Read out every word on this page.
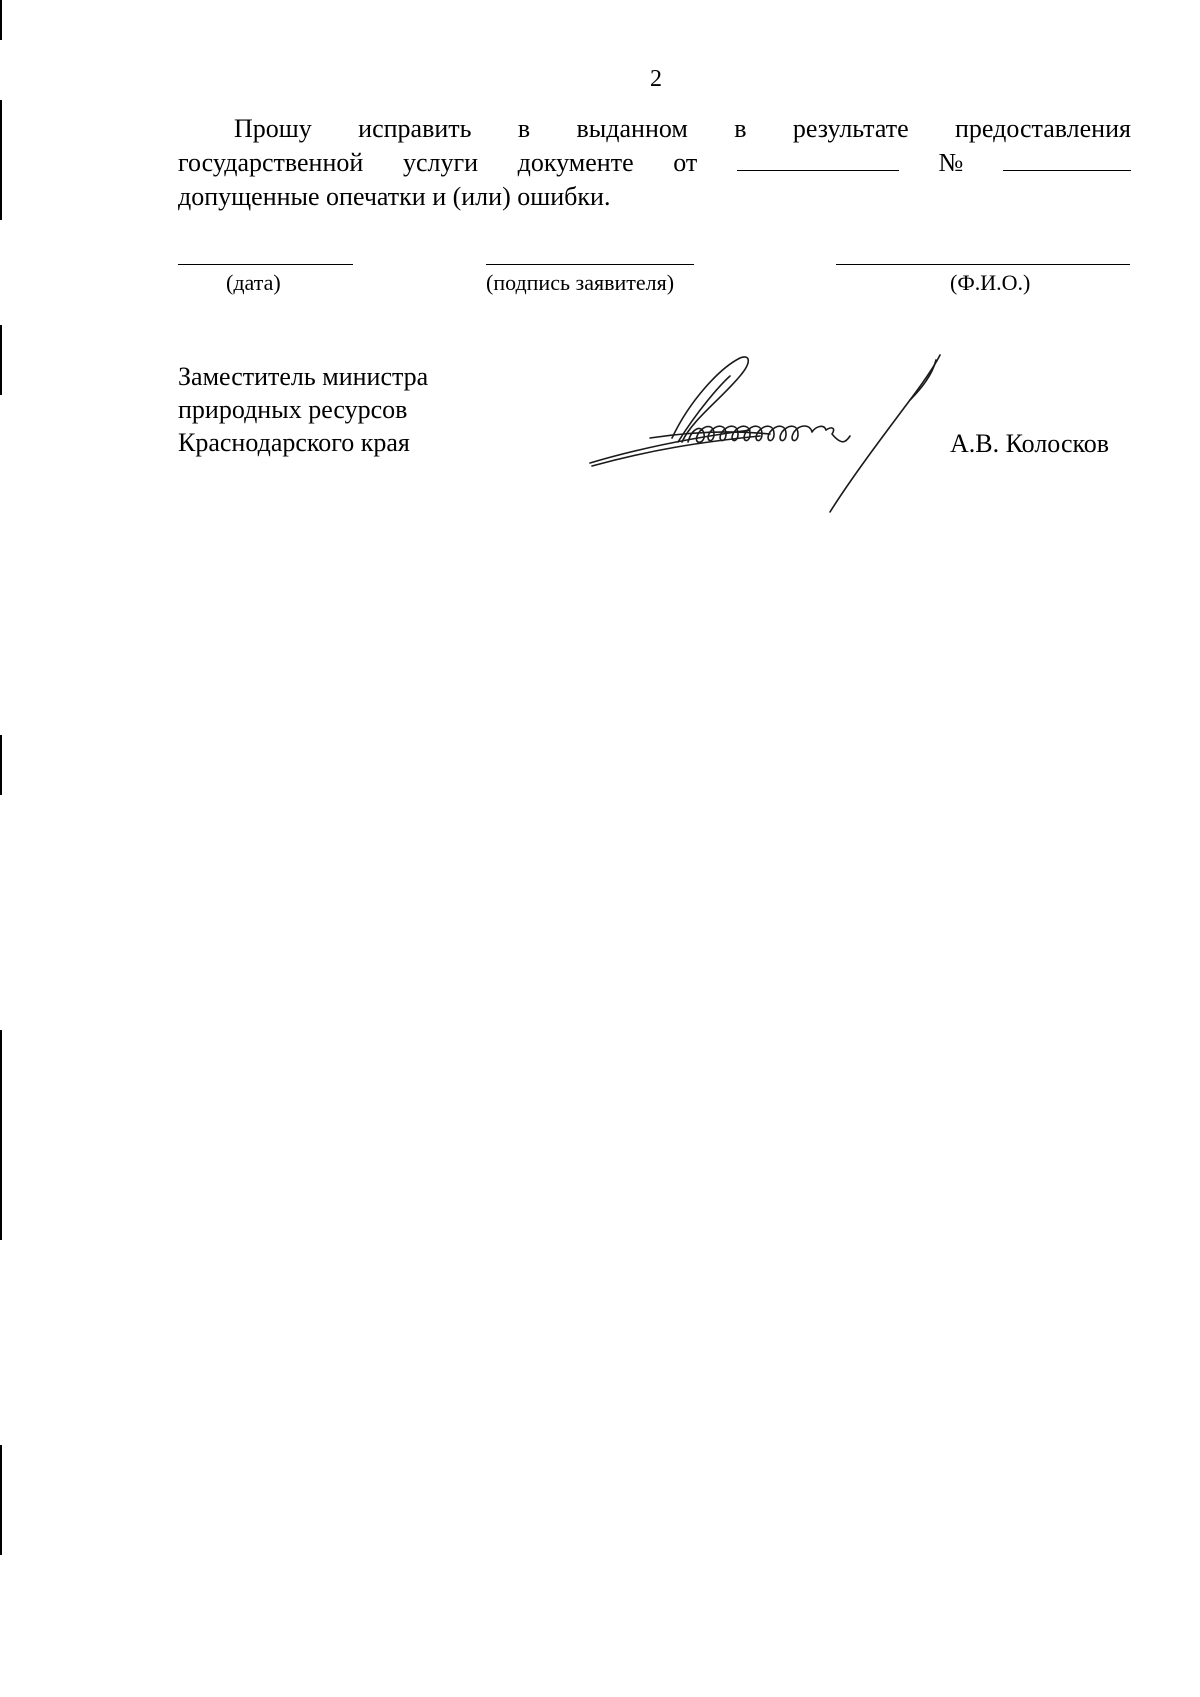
2
Прошу исправить в выданном в результате предоставления
государственной услуги документе от	№
допущенные опечатки и (или) ошибки.
(дата)	(подпись заявителя)	(Ф.И.О.)
Заместитель министра
природных ресурсов
Краснодарского края	А.В. Колосков
